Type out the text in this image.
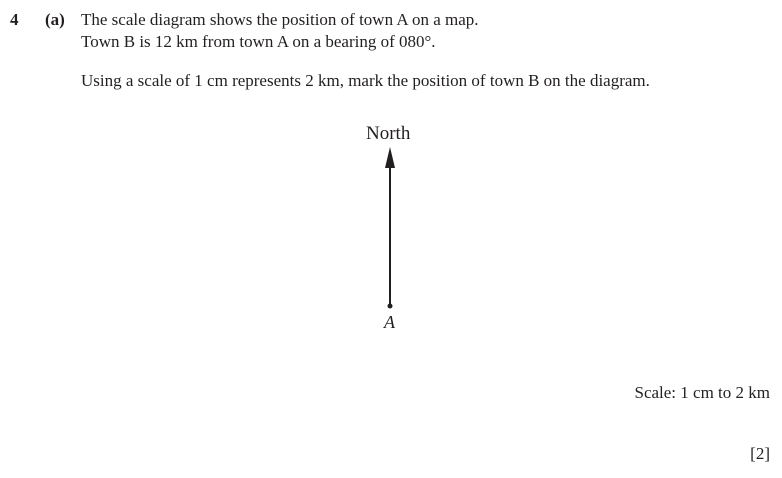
4 (a) The scale diagram shows the position of town A on a map.
Town B is 12 km from town A on a bearing of 080°.
Using a scale of 1 cm represents 2 km, mark the position of town B on the diagram.
North
A
Scale: 1 cm to 2 km
[2]
